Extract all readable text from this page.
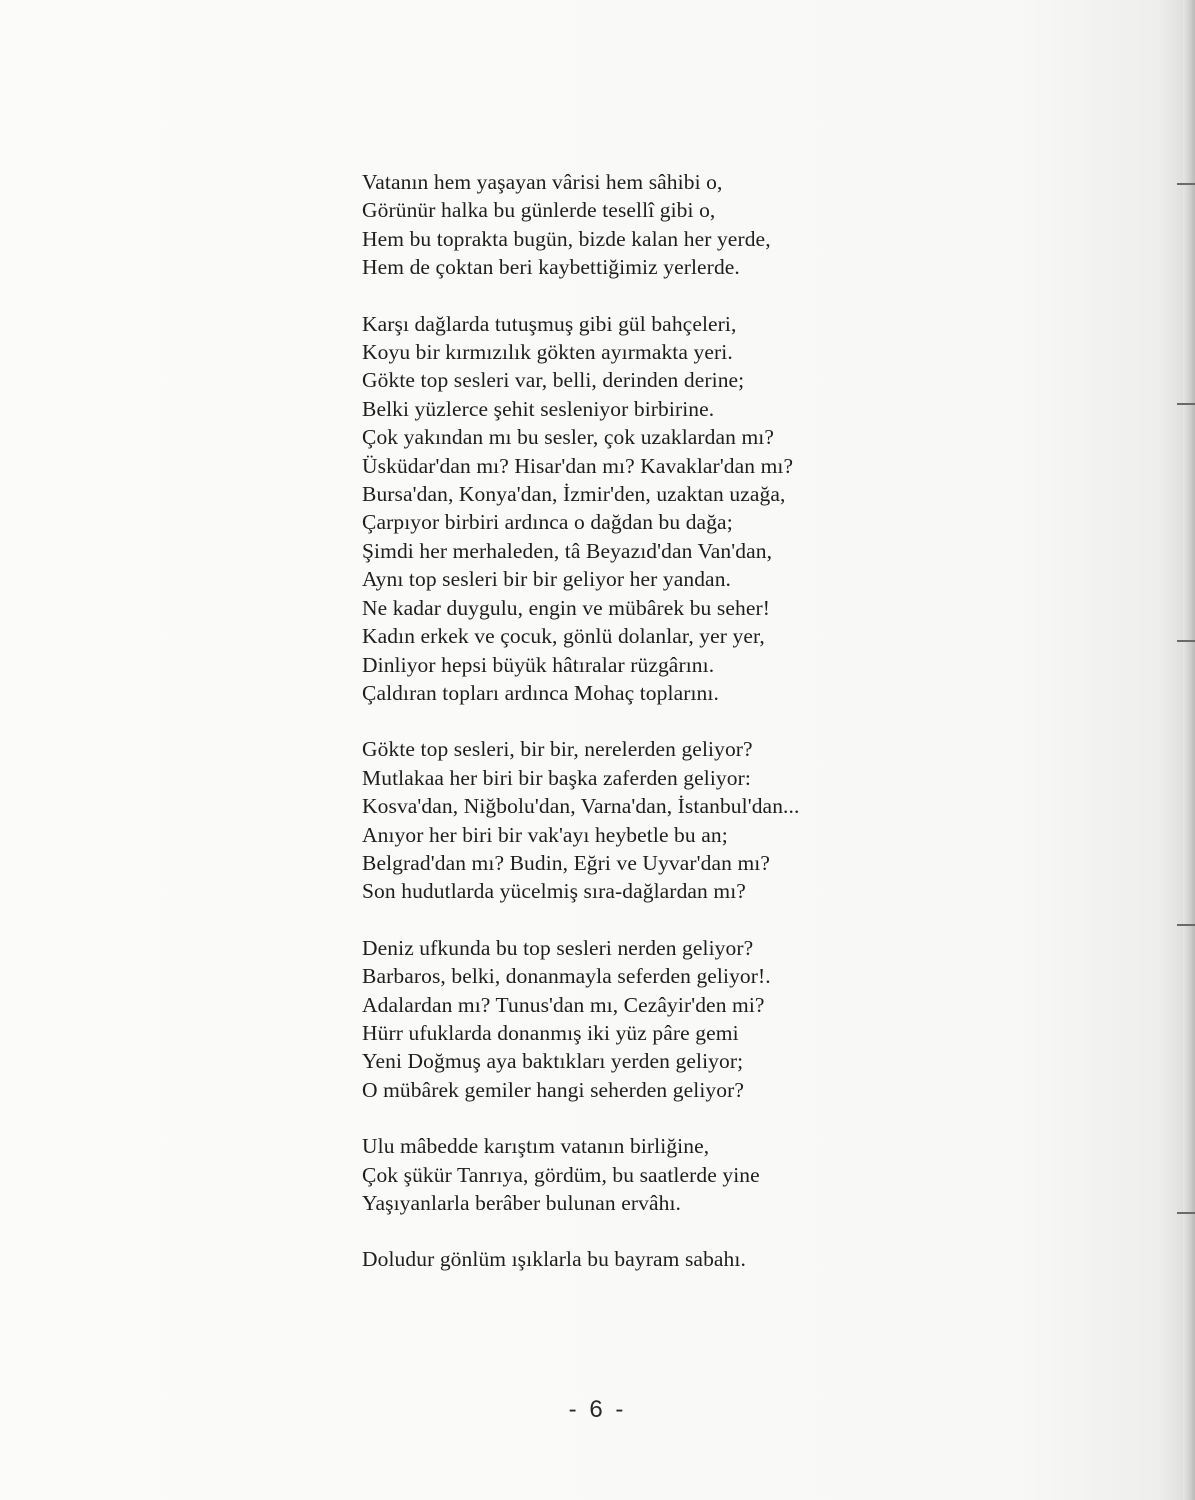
Vatanın hem yaşayan vârisi hem sâhibi o,
Görünür halka bu günlerde tesellî gibi o,
Hem bu toprakta bugün, bizde kalan her yerde,
Hem de çoktan beri kaybettiğimiz yerlerde.
Karşı dağlarda tutuşmuş gibi gül bahçeleri,
Koyu bir kırmızılık gökten ayırmakta yeri.
Gökte top sesleri var, belli, derinden derine;
Belki yüzlerce şehit sesleniyor birbirine.
Çok yakından mı bu sesler, çok uzaklardan mı?
Üsküdar'dan mı? Hisar'dan mı? Kavaklar'dan mı?
Bursa'dan, Konya'dan, İzmir'den, uzaktan uzağa,
Çarpıyor birbiri ardınca o dağdan bu dağa;
Şimdi her merhaleden, tâ Beyazıd'dan Van'dan,
Aynı top sesleri bir bir geliyor her yandan.
Ne kadar duygulu, engin ve mübârek bu seher!
Kadın erkek ve çocuk, gönlü dolanlar, yer yer,
Dinliyor hepsi büyük hâtıralar rüzgârını.
Çaldıran topları ardınca Mohaç toplarını.
Gökte top sesleri, bir bir, nerelerden geliyor?
Mutlakaa her biri bir başka zaferden geliyor:
Kosva'dan, Niğbolu'dan, Varna'dan, İstanbul'dan...
Anıyor her biri bir vak'ayı heybetle bu an;
Belgrad'dan mı? Budin, Eğri ve Uyvar'dan mı?
Son hudutlarda yücelmiş sıra-dağlardan mı?
Deniz ufkunda bu top sesleri nerden geliyor?
Barbaros, belki, donanmayla seferden geliyor!.
Adalardan mı? Tunus'dan mı, Cezâyir'den mi?
Hürr ufuklarda donanmış iki yüz pâre gemi
Yeni Doğmuş aya baktıkları yerden geliyor;
O mübârek gemiler hangi seherden geliyor?
Ulu mâbedde karıştım vatanın birliğine,
Çok şükür Tanrıya, gördüm, bu saatlerde yine
Yaşıyanlarla berâber bulunan ervâhı.
Doludur gönlüm ışıklarla bu bayram sabahı.
- 6 -
